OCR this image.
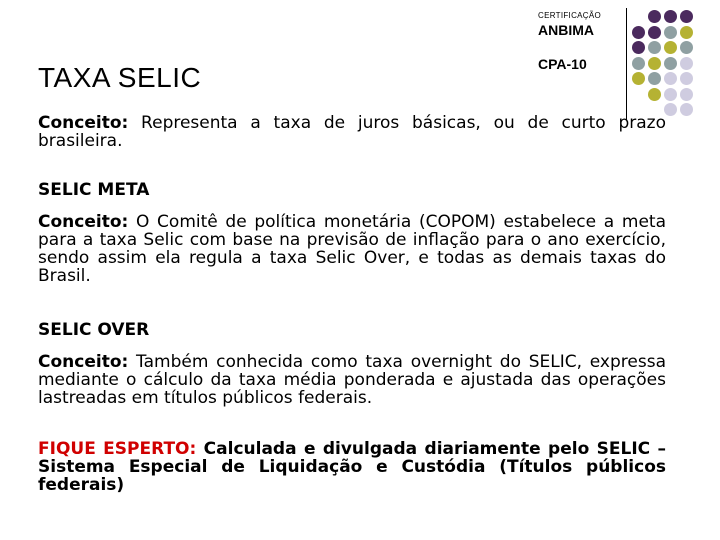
CERTIFICAÇÃO
ANBIMA
CPA-10
TAXA SELIC

Conceito: Representa a taxa de juros básicas, ou de curto prazo brasileira.

SELIC META

Conceito: O Comitê de política monetária (COPOM) estabelece a meta para a taxa Selic com base na previsão de inflação para o ano exercício, sendo assim ela regula a taxa Selic Over, e todas as demais taxas do Brasil.

SELIC OVER

Conceito: Também conhecida como taxa overnight do SELIC, expressa mediante o cálculo da taxa média ponderada e ajustada das operações lastreadas em títulos públicos federais.

FIQUE ESPERTO: Calculada e divulgada diariamente pelo SELIC – Sistema Especial de Liquidação e Custódia (Títulos públicos federais)
